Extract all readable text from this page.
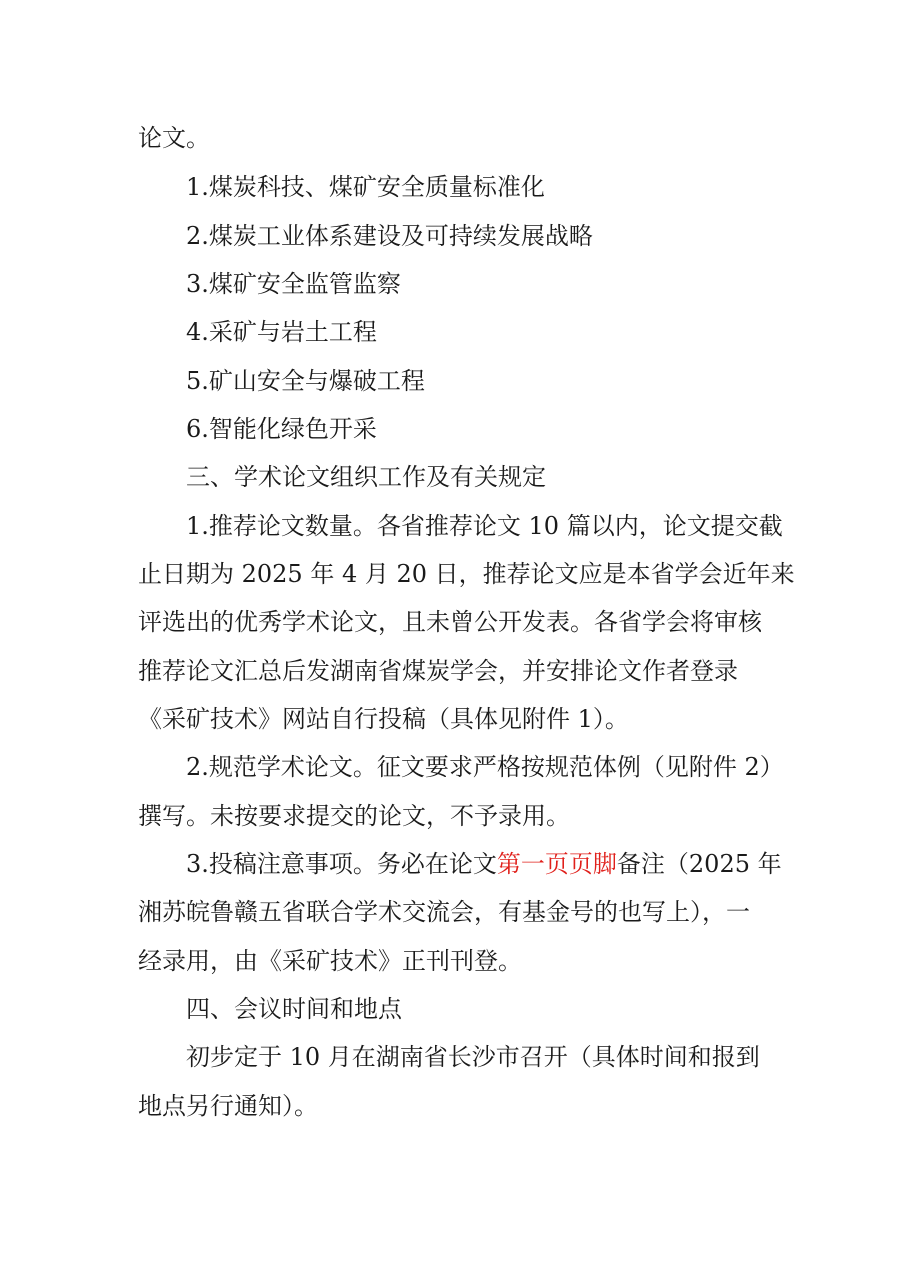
论文。
1.煤炭科技、煤矿安全质量标准化
2.煤炭工业体系建设及可持续发展战略
3.煤矿安全监管监察
4.采矿与岩土工程
5.矿山安全与爆破工程
6.智能化绿色开采
三、学术论文组织工作及有关规定
1.推荐论文数量。各省推荐论文 10 篇以内，论文提交截
止日期为 2025 年 4 月 20 日，推荐论文应是本省学会近年来
评选出的优秀学术论文，且未曾公开发表。各省学会将审核
推荐论文汇总后发湖南省煤炭学会，并安排论文作者登录
《采矿技术》网站自行投稿（具体见附件 1）。
2.规范学术论文。征文要求严格按规范体例（见附件 2）
撰写。未按要求提交的论文，不予录用。
3.投稿注意事项。务必在论文第一页页脚备注（2025 年
湘苏皖鲁赣五省联合学术交流会，有基金号的也写上），一
经录用，由《采矿技术》正刊刊登。
四、会议时间和地点
初步定于 10 月在湖南省长沙市召开（具体时间和报到
地点另行通知）。
